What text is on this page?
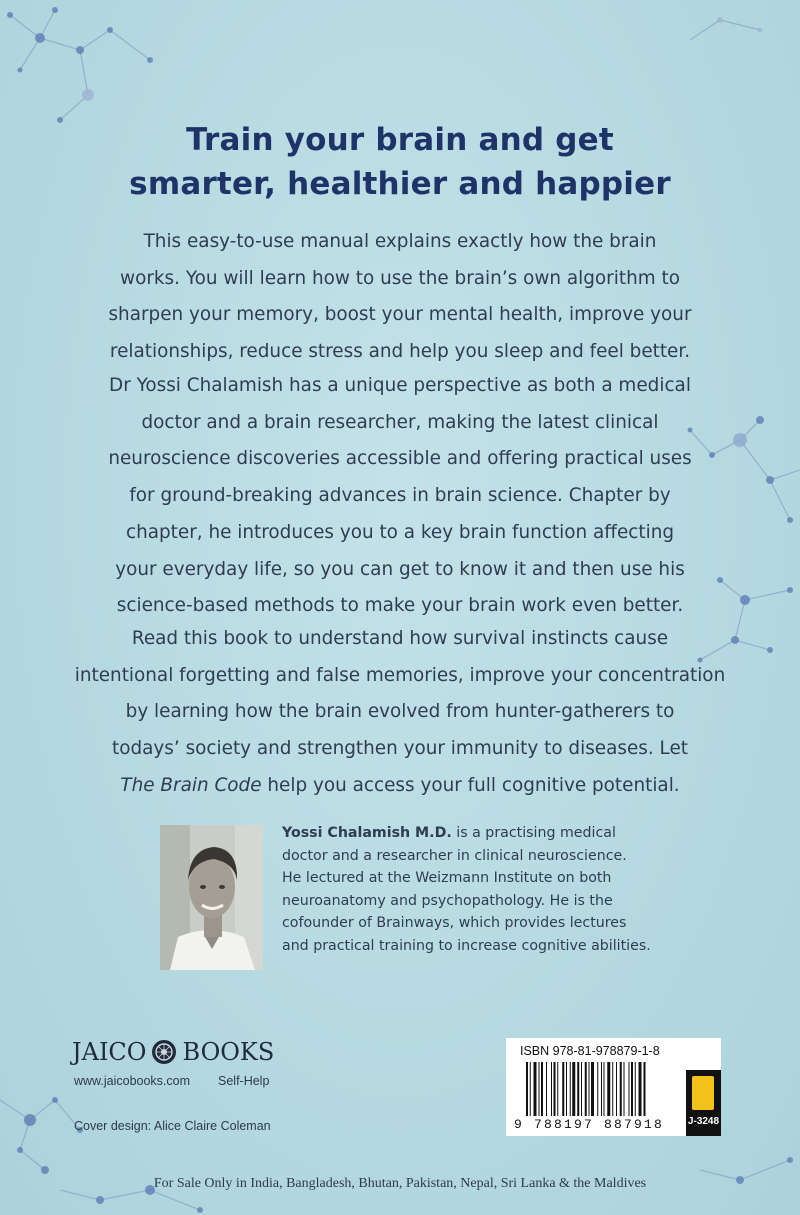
Train your brain and get
smarter, healthier and happier
This easy-to-use manual explains exactly how the brain
works. You will learn how to use the brain’s own algorithm to
sharpen your memory, boost your mental health, improve your
relationships, reduce stress and help you sleep and feel better.
Dr Yossi Chalamish has a unique perspective as both a medical
doctor and a brain researcher, making the latest clinical
neuroscience discoveries accessible and offering practical uses
for ground-breaking advances in brain science. Chapter by
chapter, he introduces you to a key brain function affecting
your everyday life, so you can get to know it and then use his
science-based methods to make your brain work even better.
Read this book to understand how survival instincts cause
intentional forgetting and false memories, improve your concentration
by learning how the brain evolved from hunter-gatherers to
todays’ society and strengthen your immunity to diseases. Let
The Brain Code help you access your full cognitive potential.
Yossi Chalamish M.D. is a practising medical
doctor and a researcher in clinical neuroscience.
He lectured at the Weizmann Institute on both
neuroanatomy and psychopathology. He is the
cofounder of Brainways, which provides lectures
and practical training to increase cognitive abilities.
JAICO BOOKS
www.jaicobooks.com Self-Help
Cover design: Alice Claire Coleman
ISBN 978-81-978879-1-8
9 788197 887918 J-3248
For Sale Only in India, Bangladesh, Bhutan, Pakistan, Nepal, Sri Lanka & the Maldives
